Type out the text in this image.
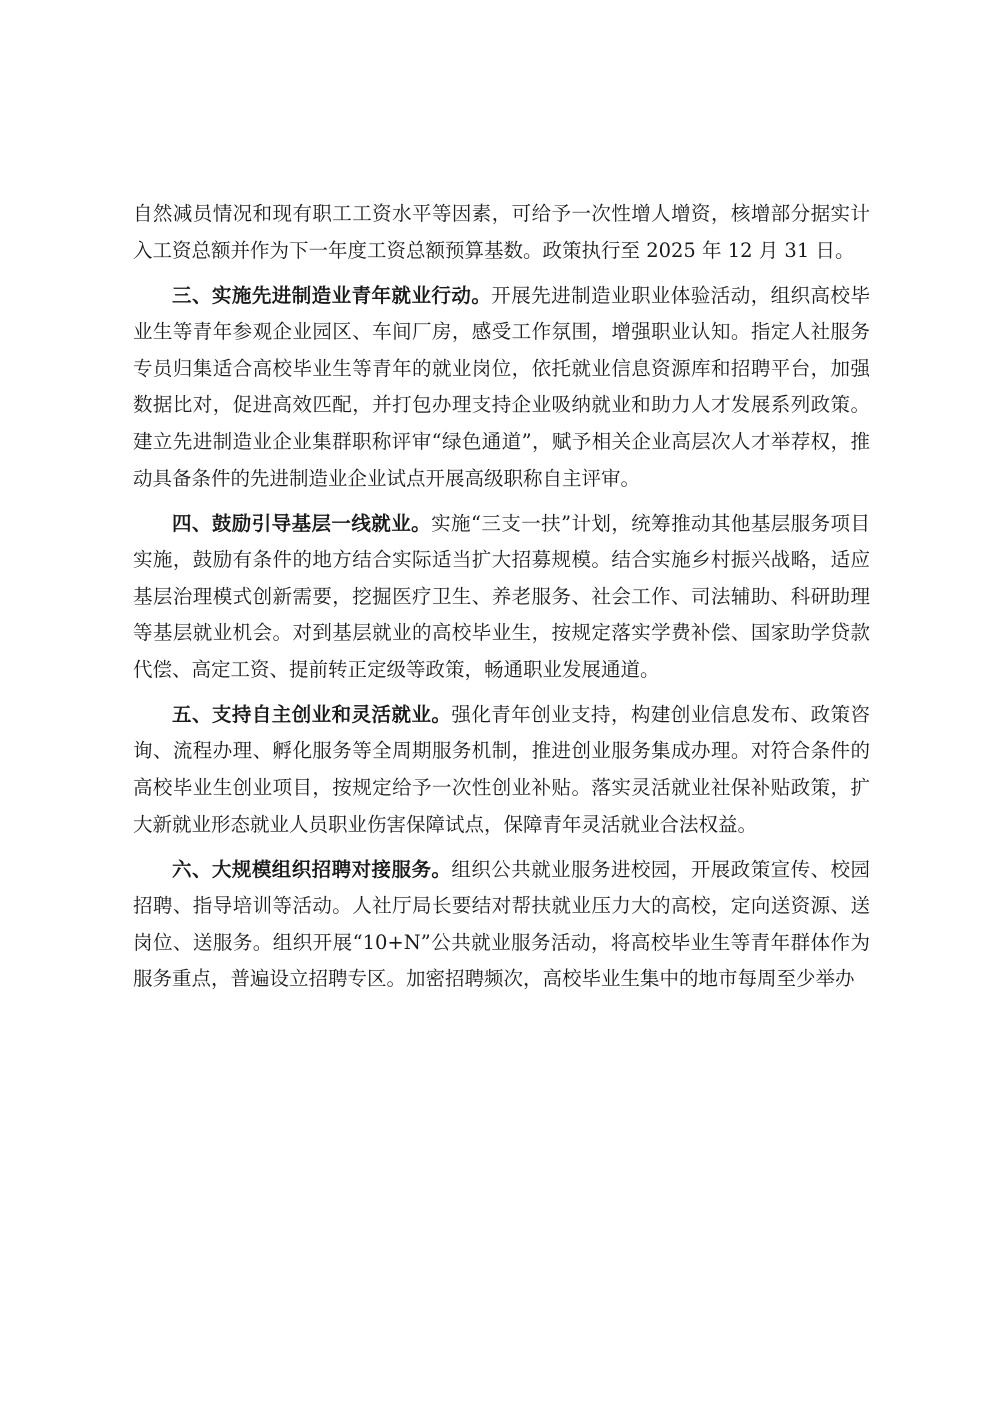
自然减员情况和现有职工工资水平等因素，可给予一次性增人增资，核增部分据实计入工资总额并作为下一年度工资总额预算基数。政策执行至 2025 年 12 月 31 日。

三、实施先进制造业青年就业行动。开展先进制造业职业体验活动，组织高校毕业生等青年参观企业园区、车间厂房，感受工作氛围，增强职业认知。指定人社服务专员归集适合高校毕业生等青年的就业岗位，依托就业信息资源库和招聘平台，加强数据比对，促进高效匹配，并打包办理支持企业吸纳就业和助力人才发展系列政策。建立先进制造业企业集群职称评审“绿色通道”，赋予相关企业高层次人才举荐权，推动具备条件的先进制造业企业试点开展高级职称自主评审。

四、鼓励引导基层一线就业。实施“三支一扶”计划，统筹推动其他基层服务项目实施，鼓励有条件的地方结合实际适当扩大招募规模。结合实施乡村振兴战略，适应基层治理模式创新需要，挖掘医疗卫生、养老服务、社会工作、司法辅助、科研助理等基层就业机会。对到基层就业的高校毕业生，按规定落实学费补偿、国家助学贷款代偿、高定工资、提前转正定级等政策，畅通职业发展通道。

五、支持自主创业和灵活就业。强化青年创业支持，构建创业信息发布、政策咨询、流程办理、孵化服务等全周期服务机制，推进创业服务集成办理。对符合条件的高校毕业生创业项目，按规定给予一次性创业补贴。落实灵活就业社保补贴政策，扩大新就业形态就业人员职业伤害保障试点，保障青年灵活就业合法权益。

六、大规模组织招聘对接服务。组织公共就业服务进校园，开展政策宣传、校园招聘、指导培训等活动。人社厅局长要结对帮扶就业压力大的高校，定向送资源、送岗位、送服务。组织开展“10+N”公共就业服务活动，将高校毕业生等青年群体作为服务重点，普遍设立招聘专区。加密招聘频次，高校毕业生集中的地市每周至少举办
